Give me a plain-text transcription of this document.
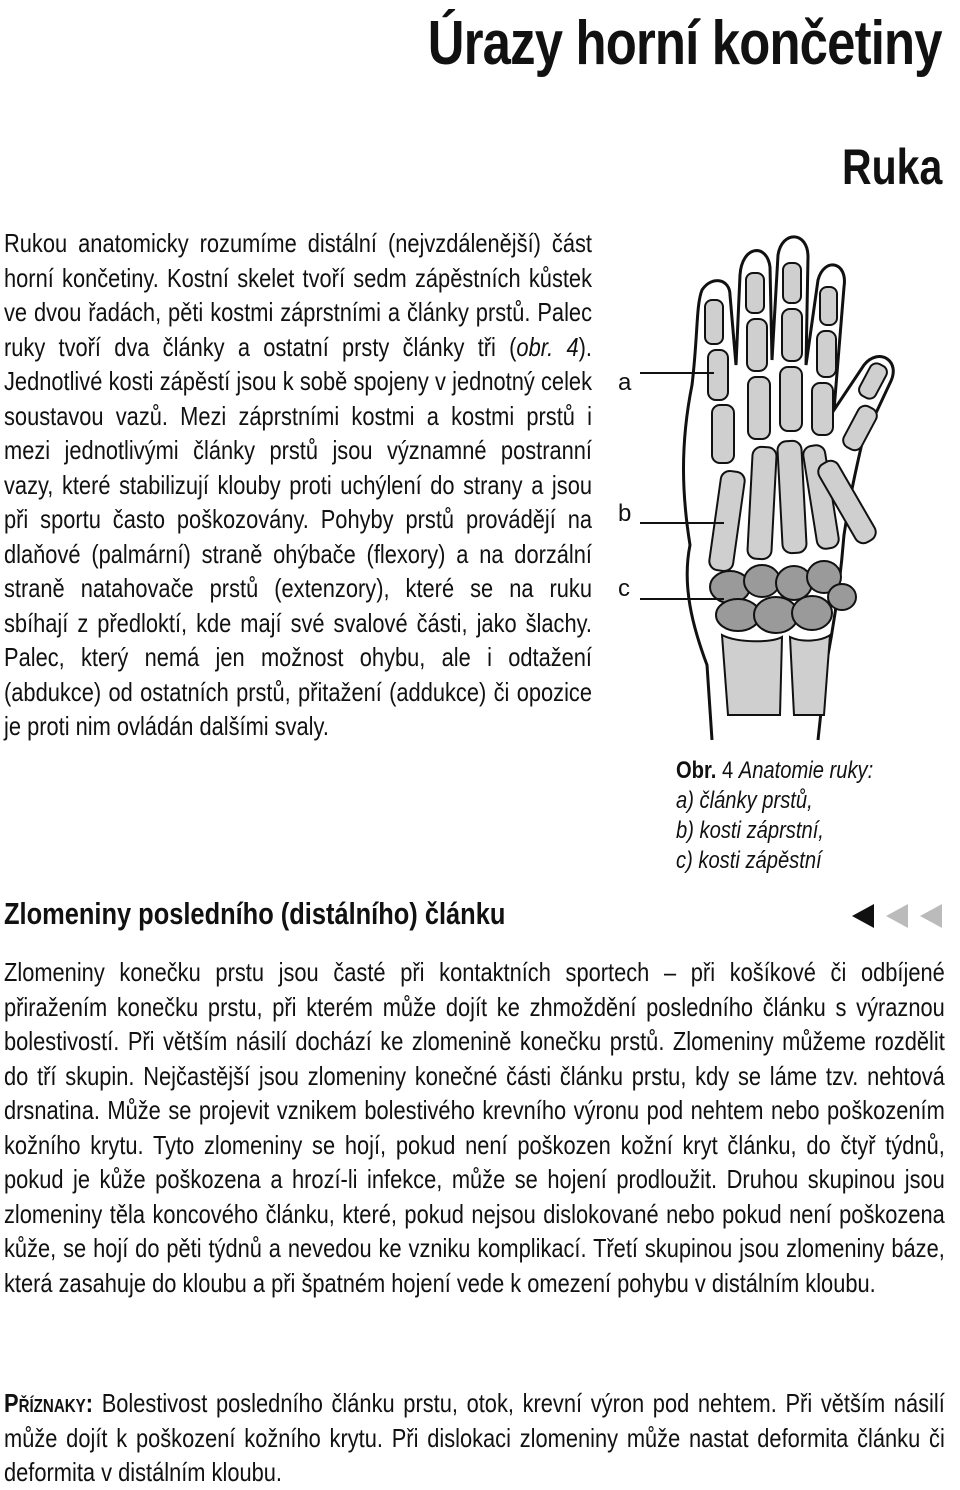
Úrazy horní končetiny
Ruka

Rukou anatomicky rozumíme distální (nejvzdálenější) část horní končetiny. Kostní skelet tvoří sedm zápěstních kůstek ve dvou řadách, pěti kostmi záprstními a články prstů. Palec ruky tvoří dva články a ostatní prsty články tři (obr. 4). Jednotlivé kosti zápěstí jsou k sobě spojeny v jednotný celek soustavou vazů. Mezi záprstními kostmi a kostmi prstů i mezi jednotlivými články prstů jsou významné postranní vazy, které stabilizují klouby proti uchýlení do strany a jsou při sportu často poškozovány. Pohyby prstů provádějí na dlaňové (palmární) straně ohýbače (flexory) a na dorzální straně natahovače prstů (extenzory), které se na ruku sbíhají z předloktí, kde mají své svalové části, jako šlachy. Palec, který nemá jen možnost ohybu, ale i odtažení (abdukce) od ostatních prstů, přitažení (addukce) či opozice je proti nim ovládán dalšími svaly.

a
b
c
Obr. 4 Anatomie ruky:
a) články prstů,
b) kosti záprstní,
c) kosti zápěstní
Zlomeniny posledního (distálního) článku

Zlomeniny konečku prstu jsou časté při kontaktních sportech – při košíkové či odbíjené přiražením konečku prstu, při kterém může dojít ke zhmoždění posledního článku s výraznou bolestivostí. Při větším násilí dochází ke zlomenině konečku prstů. Zlomeniny můžeme rozdělit do tří skupin. Nejčastější jsou zlomeniny konečné části článku prstu, kdy se láme tzv. nehtová drsnatina. Může se projevit vznikem bolestivého krevního výronu pod nehtem nebo poškozením kožního krytu. Tyto zlomeniny se hojí, pokud není poškozen kožní kryt článku, do čtyř týdnů, pokud je kůže poškozena a hrozí-li infekce, může se hojení prodloužit. Druhou skupinou jsou zlomeniny těla koncového článku, které, pokud nejsou dislokované nebo pokud není poškozena kůže, se hojí do pěti týdnů a nevedou ke vzniku komplikací. Třetí skupinou jsou zlomeniny báze, která zasahuje do kloubu a při špatném hojení vede k omezení pohybu v distálním kloubu.

Příznaky: Bolestivost posledního článku prstu, otok, krevní výron pod nehtem. Při větším násilí může dojít k poškození kožního krytu. Při dislokaci zlomeniny může nastat deformita článku či deformita v distálním kloubu.
